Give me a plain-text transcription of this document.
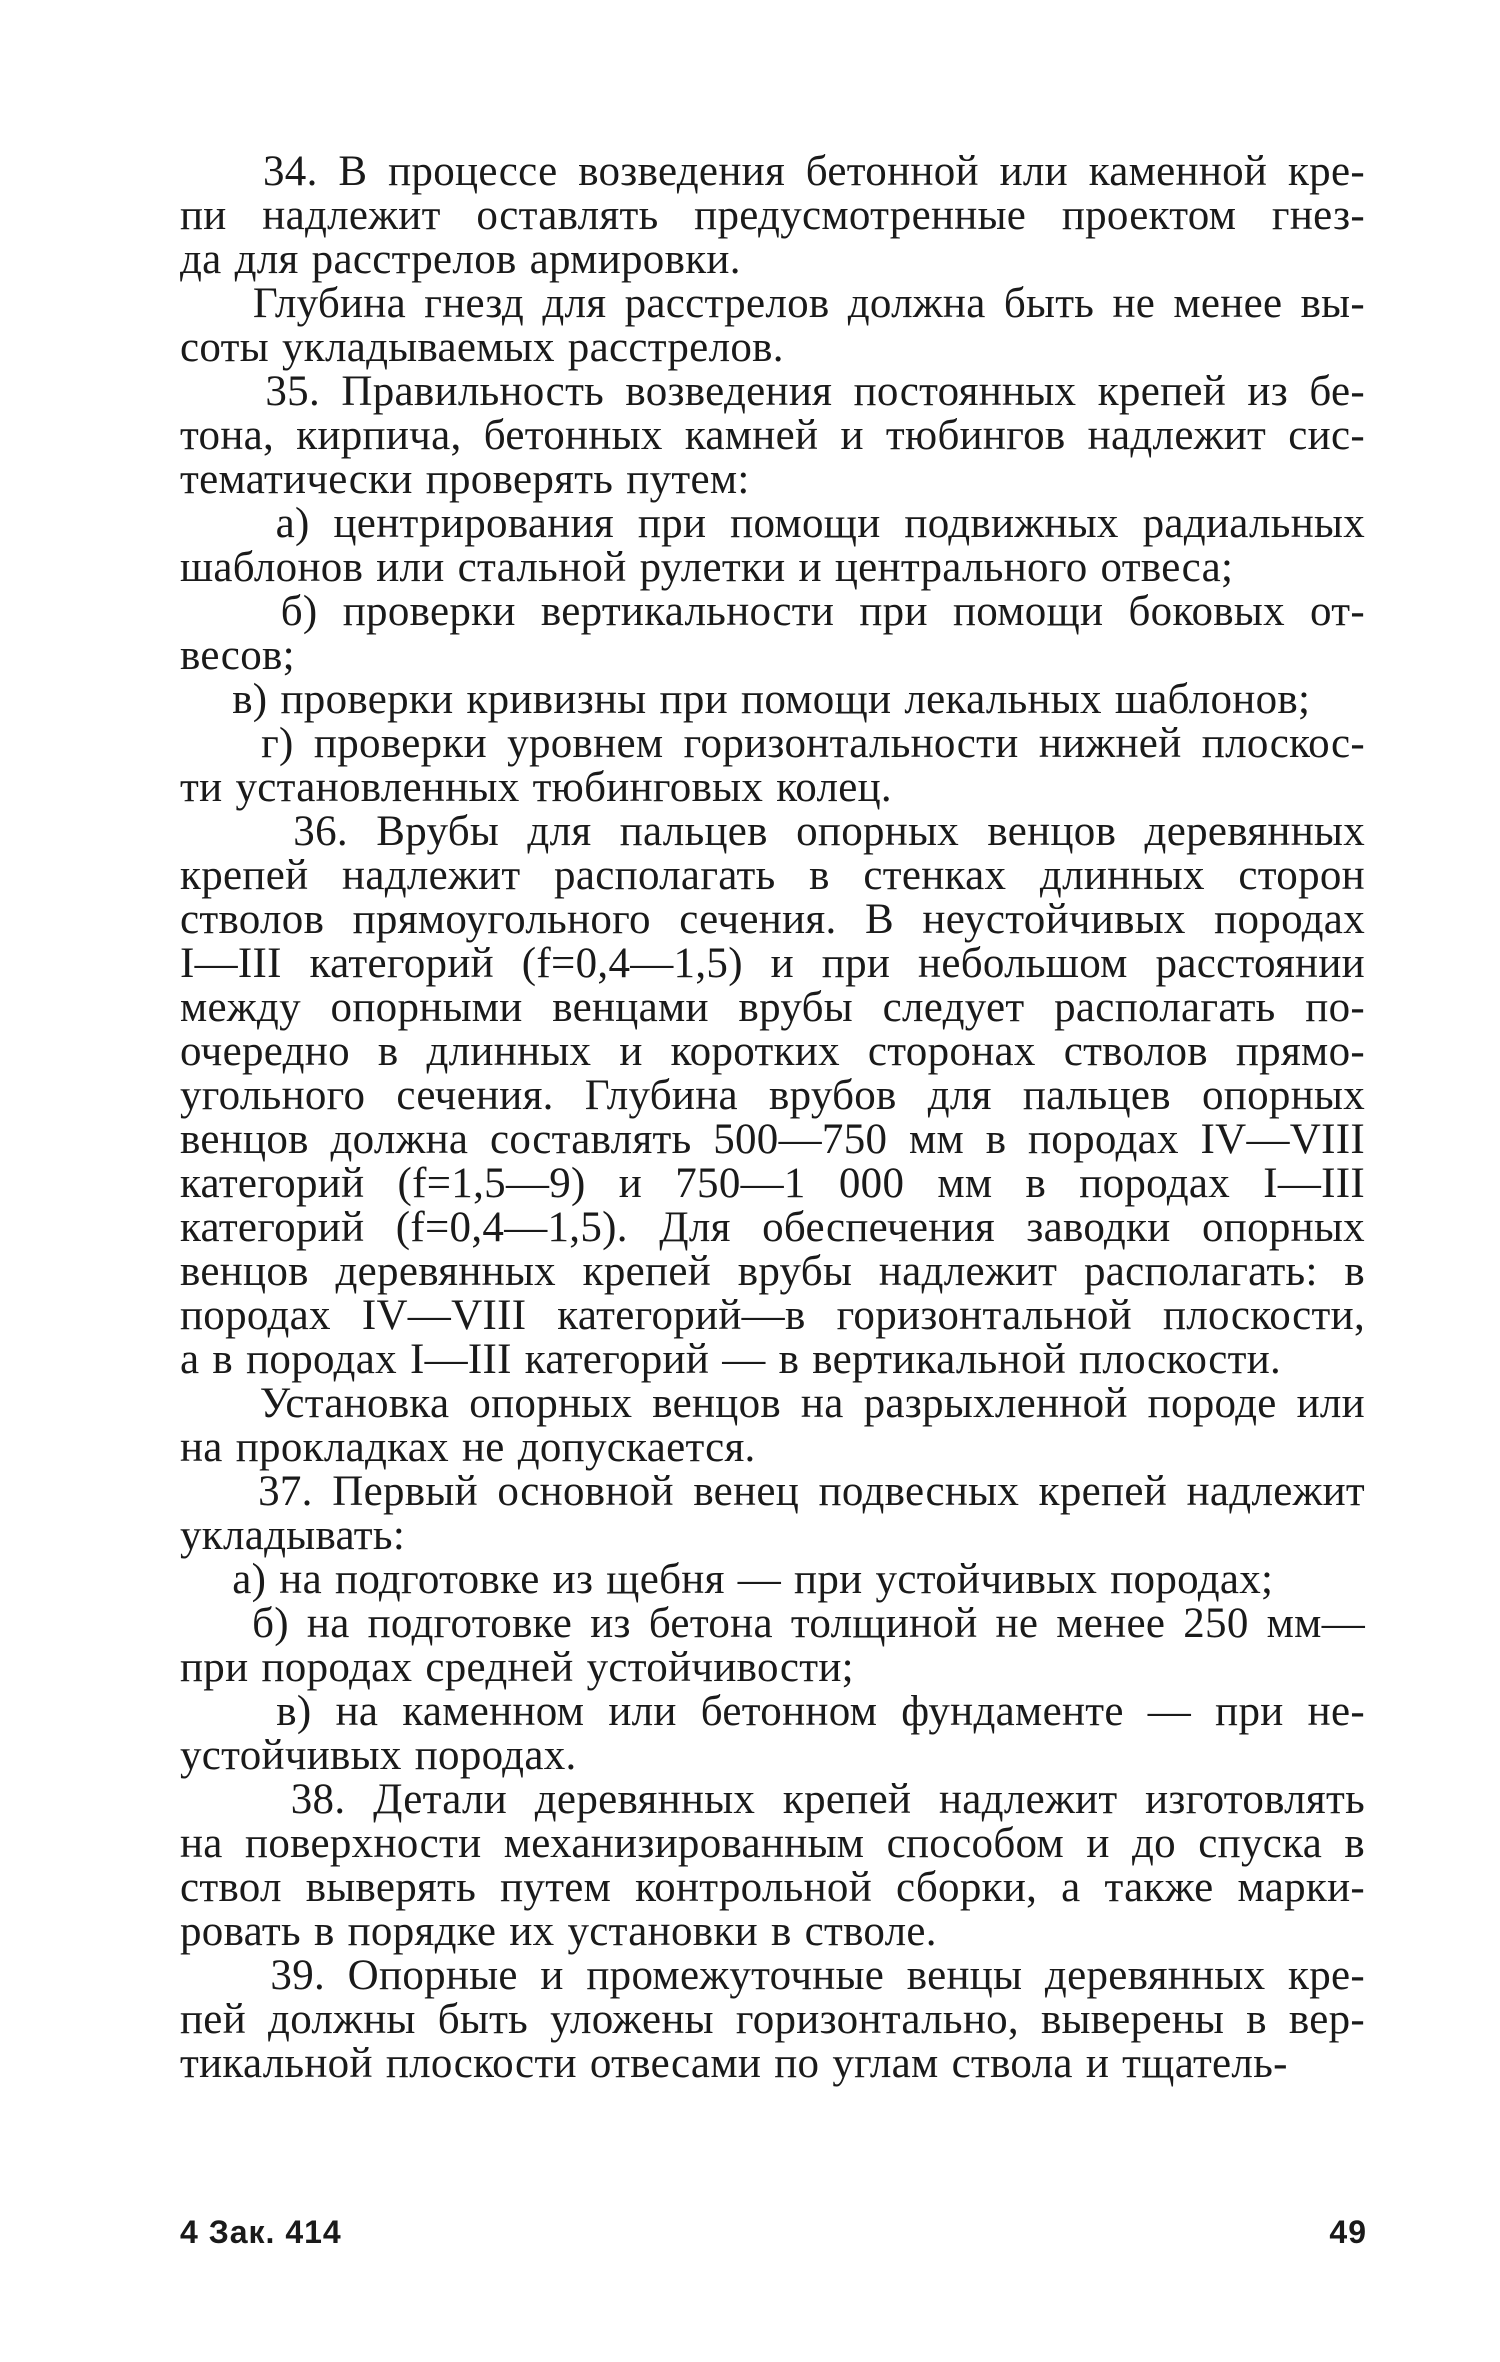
34. В процессе возведения бетонной или каменной кре-
пи надлежит оставлять предусмотренные проектом гнез-
да для расстрелов армировки.
Глубина гнезд для расстрелов должна быть не менее вы-
соты укладываемых расстрелов.
35. Правильность возведения постоянных крепей из бе-
тона, кирпича, бетонных камней и тюбингов надлежит сис-
тематически проверять путем:
а) центрирования при помощи подвижных радиальных
шаблонов или стальной рулетки и центрального отвеса;
б) проверки вертикальности при помощи боковых от-
весов;
в) проверки кривизны при помощи лекальных шаблонов;
г) проверки уровнем горизонтальности нижней плоскос-
ти установленных тюбинговых колец.
36. Врубы для пальцев опорных венцов деревянных
крепей надлежит располагать в стенках длинных сторон
стволов прямоугольного сечения. В неустойчивых породах
I—III категорий (f=0,4—1,5) и при небольшом расстоянии
между опорными венцами врубы следует располагать по-
очередно в длинных и коротких сторонах стволов прямо-
угольного сечения. Глубина врубов для пальцев опорных
венцов должна составлять 500—750 мм в породах IV—VIII
категорий (f=1,5—9) и 750—1 000 мм в породах I—III
категорий (f=0,4—1,5). Для обеспечения заводки опорных
венцов деревянных крепей врубы надлежит располагать: в
породах IV—VIII категорий—в горизонтальной плоскости,
а в породах I—III категорий — в вертикальной плоскости.
Установка опорных венцов на разрыхленной породе или
на прокладках не допускается.
37. Первый основной венец подвесных крепей надлежит
укладывать:
а) на подготовке из щебня — при устойчивых породах;
б) на подготовке из бетона толщиной не менее 250 мм—
при породах средней устойчивости;
в) на каменном или бетонном фундаменте — при не-
устойчивых породах.
38. Детали деревянных крепей надлежит изготовлять
на поверхности механизированным способом и до спуска в
ствол выверять путем контрольной сборки, а также марки-
ровать в порядке их установки в стволе.
39. Опорные и промежуточные венцы деревянных кре-
пей должны быть уложены горизонтально, выверены в вер-
тикальной плоскости отвесами по углам ствола и тщатель-
4 Зак. 414	49
